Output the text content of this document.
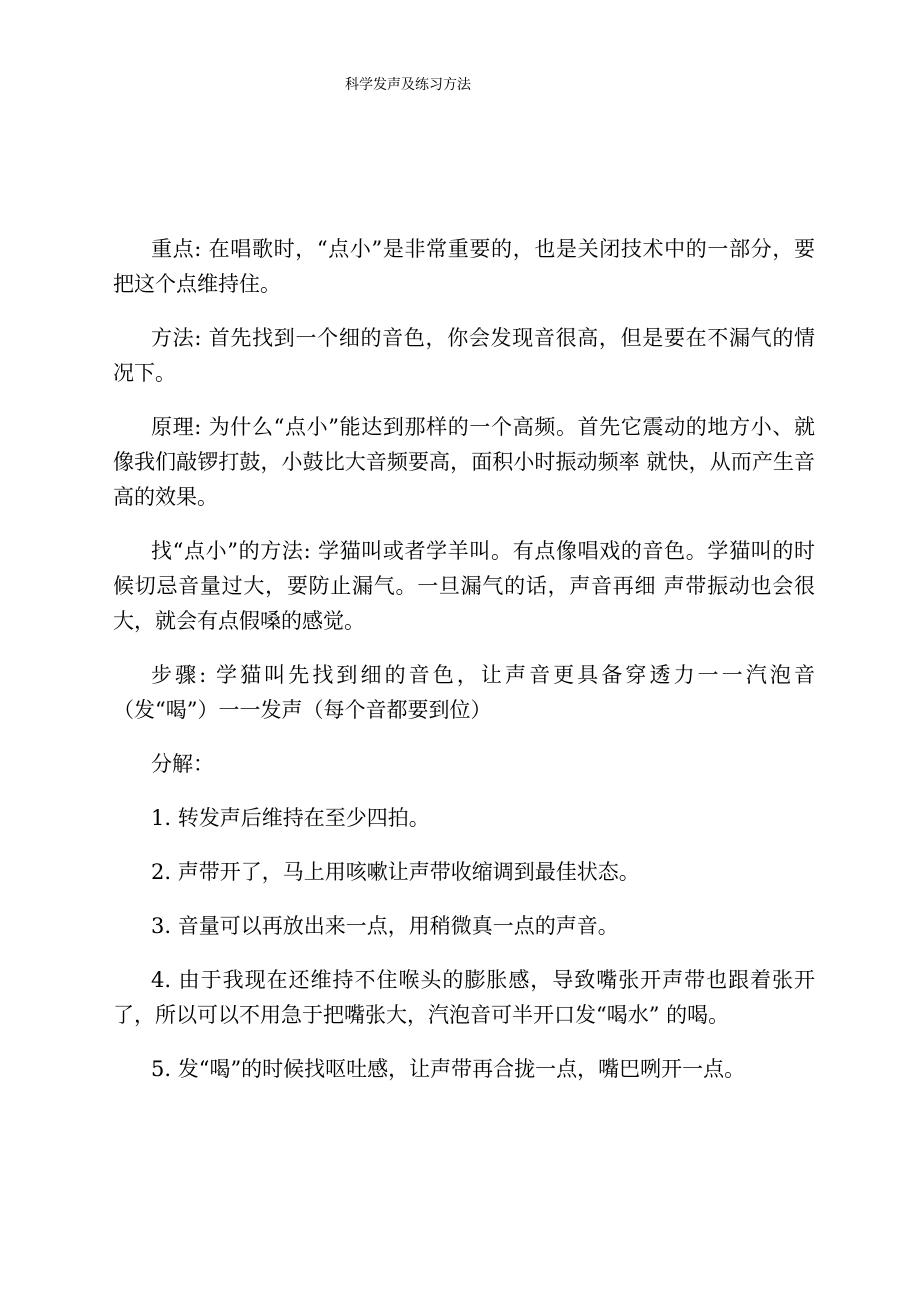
科学发声及练习方法

重点: 在唱歌时，“点小”是非常重要的，也是关闭技术中的一部分，要把这个点维持住。

方法: 首先找到一个细的音色，你会发现音很高，但是要在不漏气的情况下。

原理: 为什么“点小”能达到那样的一个高频。首先它震动的地方小、就像我们敲锣打鼓，小鼓比大音频要高，面积小时振动频率 就快，从而产生音高的效果。

找“点小”的方法: 学猫叫或者学羊叫。有点像唱戏的音色。学猫叫的时候切忌音量过大，要防止漏气。一旦漏气的话，声音再细 声带振动也会很大，就会有点假嗓的感觉。

步骤: 学猫叫先找到细的音色，让声音更具备穿透力一一汽泡音 （发“喝”）一一发声（每个音都要到位）

分解：

1. 转发声后维持在至少四拍。

2. 声带开了，马上用咳嗽让声带收缩调到最佳状态。

3. 音量可以再放出来一点，用稍微真一点的声音。

4. 由于我现在还维持不住喉头的膨胀感，导致嘴张开声带也跟着张开了，所以可以不用急于把嘴张大，汽泡音可半开口发“喝水” 的喝。

5. 发“喝”的时候找呕吐感，让声带再合拢一点，嘴巴咧开一点。
